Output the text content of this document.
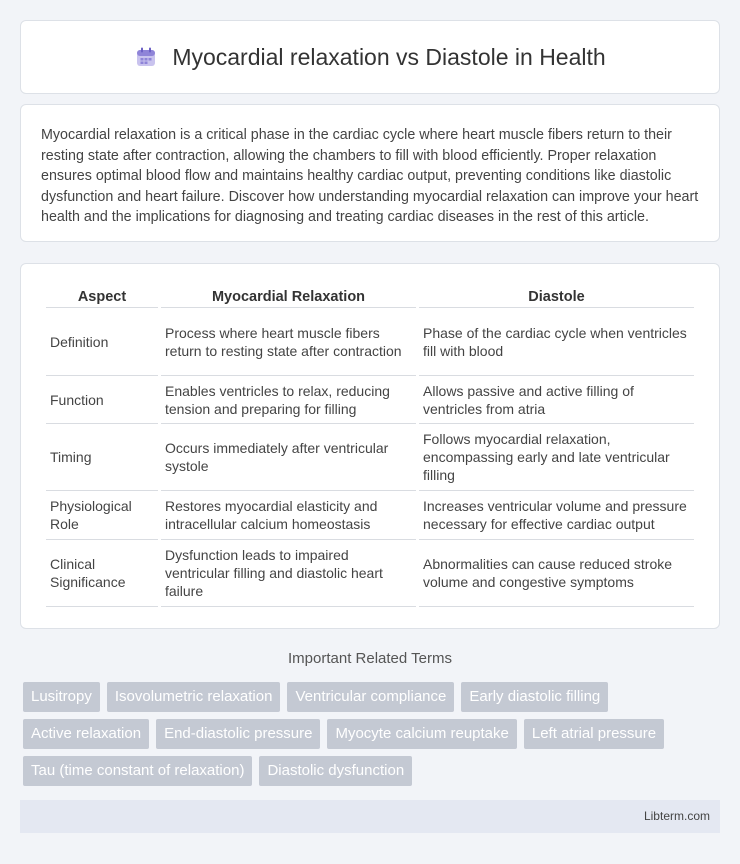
Myocardial relaxation vs Diastole in Health

Myocardial relaxation is a critical phase in the cardiac cycle where heart muscle fibers return to their resting state after contraction, allowing the chambers to fill with blood efficiently. Proper relaxation ensures optimal blood flow and maintains healthy cardiac output, preventing conditions like diastolic dysfunction and heart failure. Discover how understanding myocardial relaxation can improve your heart health and the implications for diagnosing and treating cardiac diseases in the rest of this article.

Aspect	Myocardial Relaxation	Diastole
Definition	Process where heart muscle fibers return to resting state after contraction	Phase of the cardiac cycle when ventricles fill with blood
Function	Enables ventricles to relax, reducing tension and preparing for filling	Allows passive and active filling of ventricles from atria
Timing	Occurs immediately after ventricular systole	Follows myocardial relaxation, encompassing early and late ventricular filling
Physiological Role	Restores myocardial elasticity and intracellular calcium homeostasis	Increases ventricular volume and pressure necessary for effective cardiac output
Clinical Significance	Dysfunction leads to impaired ventricular filling and diastolic heart failure	Abnormalities can cause reduced stroke volume and congestive symptoms
Important Related Terms
Lusitropy	Isovolumetric relaxation	Ventricular compliance	Early diastolic filling
Active relaxation	End-diastolic pressure	Myocyte calcium reuptake	Left atrial pressure
Tau (time constant of relaxation)	Diastolic dysfunction
Libterm.com
